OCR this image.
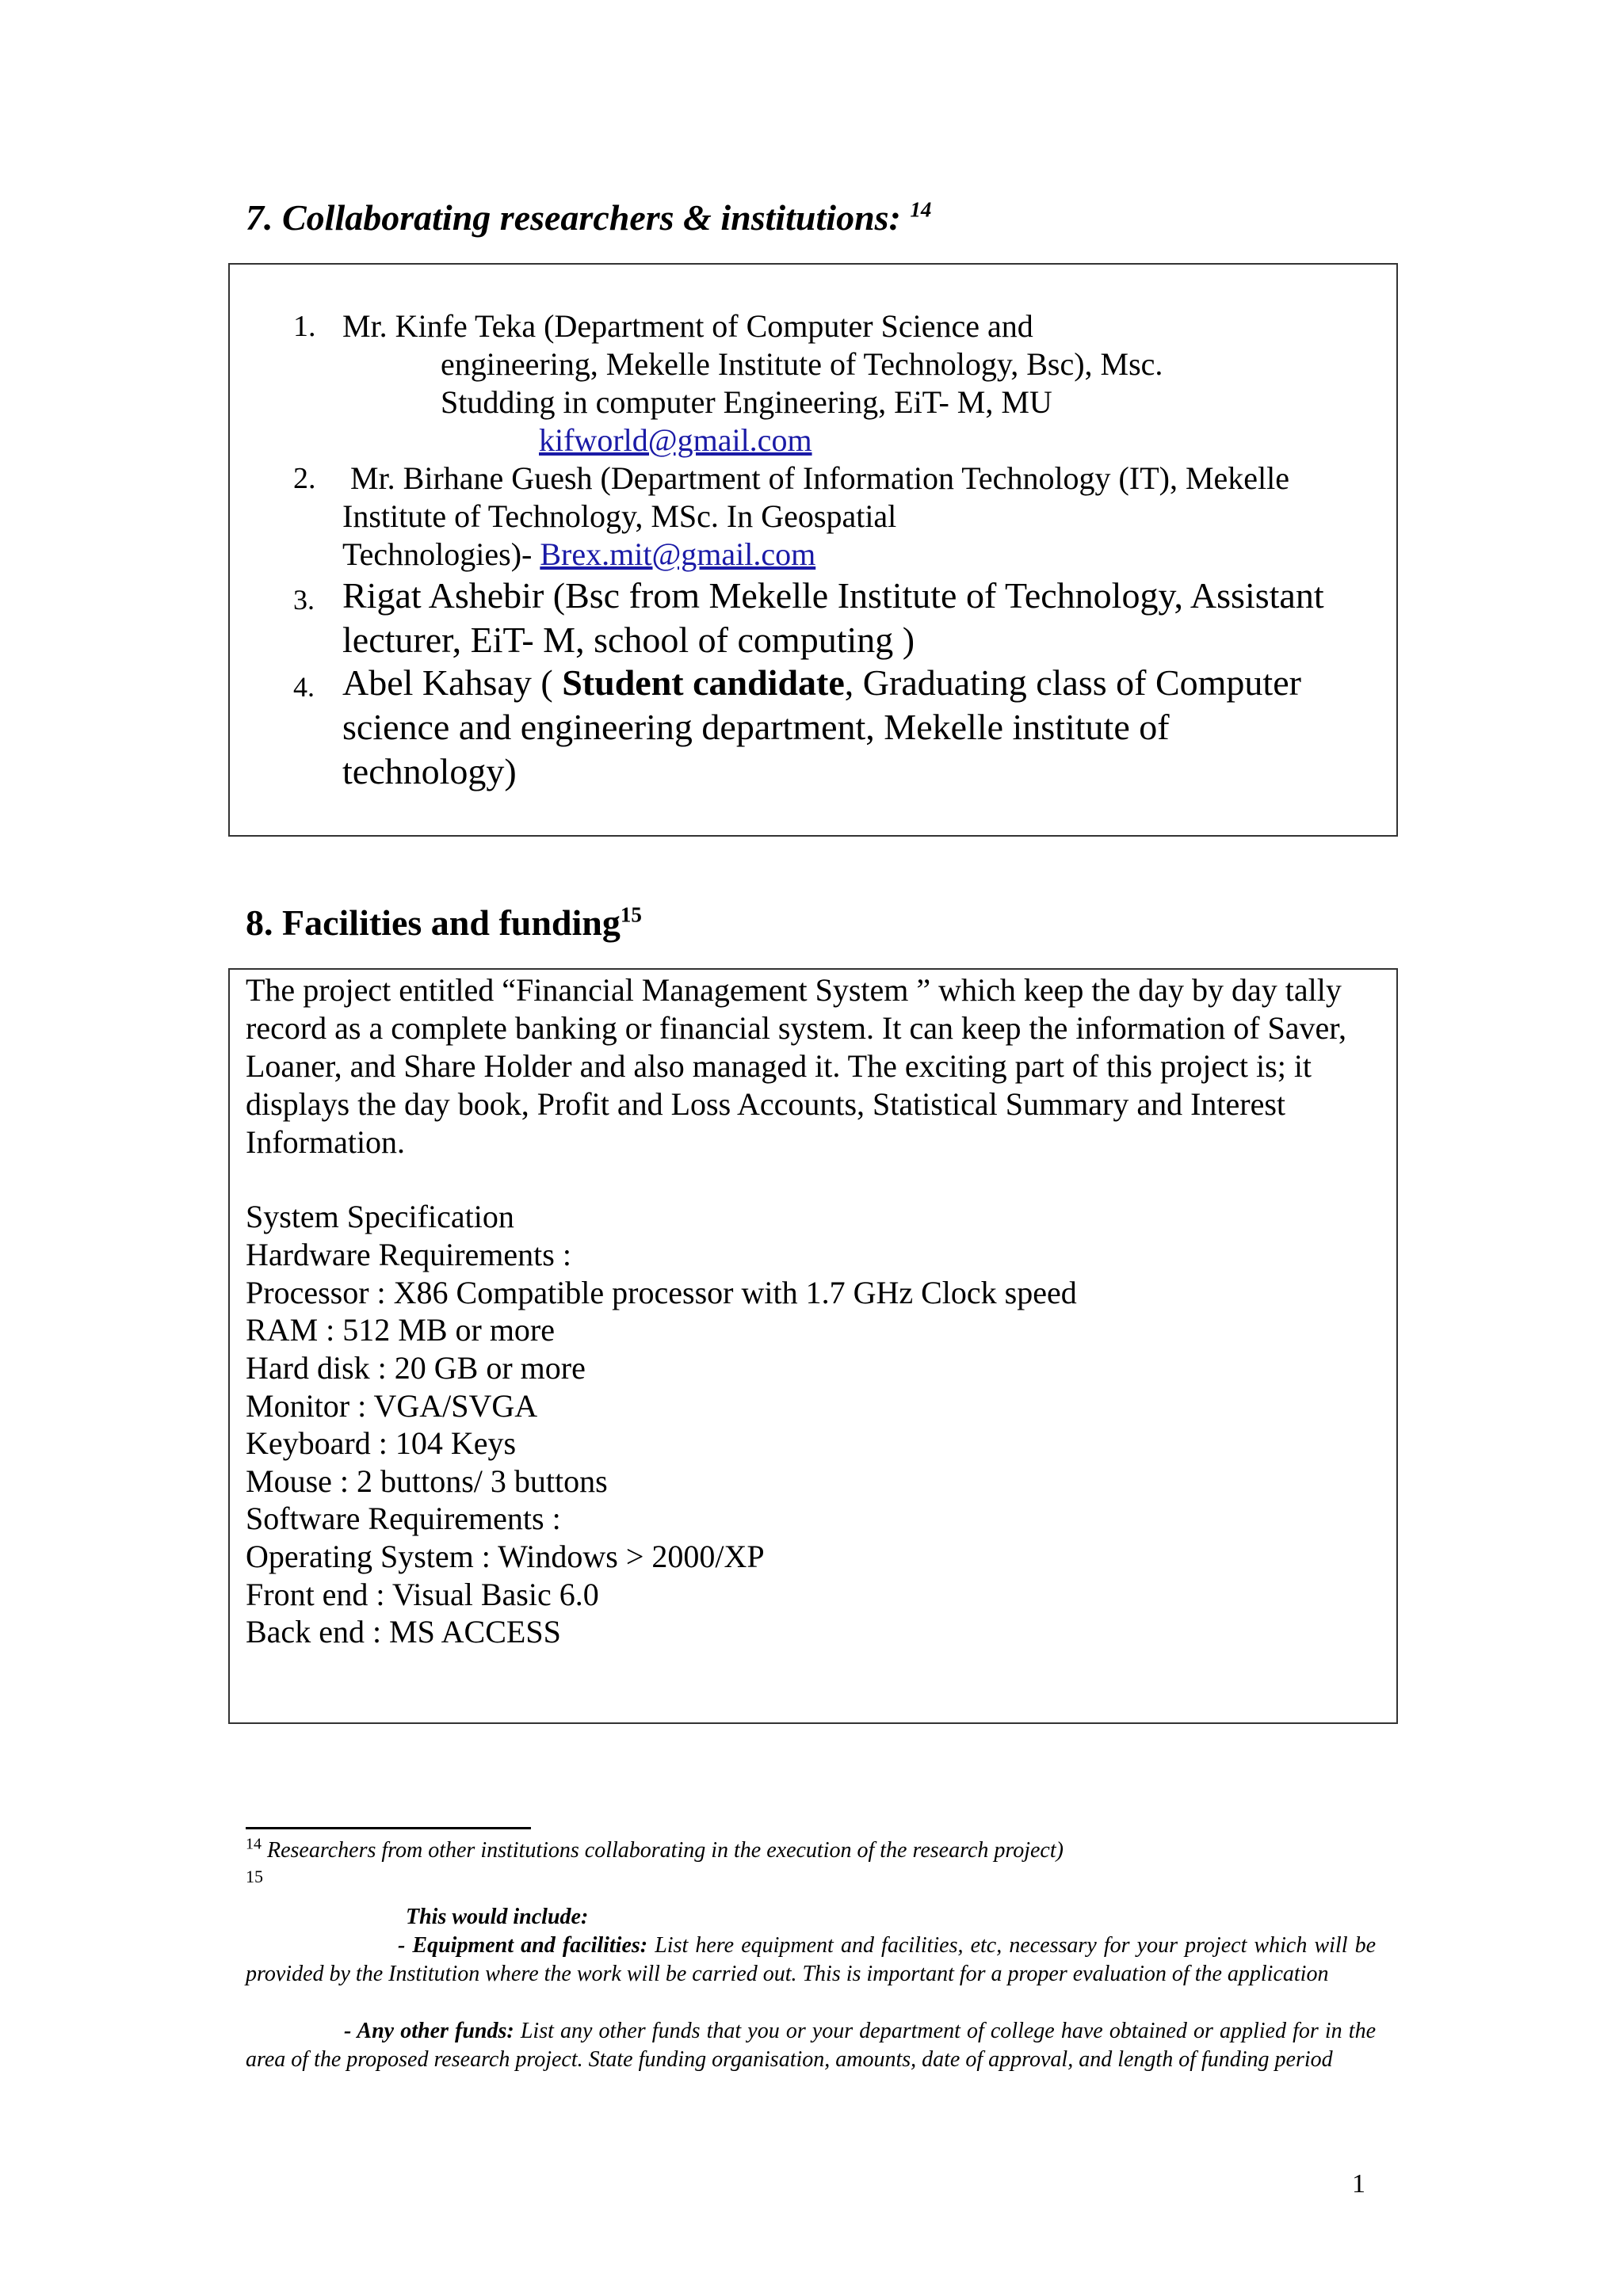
7. Collaborating researchers & institutions: $^{14}$
1. Mr. Kinfe Teka (Department of Computer Science and
engineering, Mekelle Institute of Technology, Bsc), Msc.
Studding in computer Engineering, EiT- M, MU
kifworld@gmail.com
2. Mr. Birhane Guesh (Department of Information Technology (IT), Mekelle
Institute of Technology, MSc. In Geospatial
Technologies)- Brex.mit@gmail.com
3. Rigat Ashebir (Bsc from Mekelle Institute of Technology, Assistant
lecturer, EiT- M, school of computing )
4. Abel Kahsay ( Student candidate, Graduating class of Computer
science and engineering department, Mekelle institute of
technology)
8. Facilities and funding$^{15}$
The project entitled “Financial Management System ” which keep the day by day tally
record as a complete banking or financial system. It can keep the information of Saver,
Loaner, and Share Holder and also managed it. The exciting part of this project is; it
displays the day book, Profit and Loss Accounts, Statistical Summary and Interest
Information.
System Specification
Hardware Requirements :
Processor : X86 Compatible processor with 1.7 GHz Clock speed
RAM : 512 MB or more
Hard disk : 20 GB or more
Monitor : VGA/SVGA
Keyboard : 104 Keys
Mouse : 2 buttons/ 3 buttons
Software Requirements :
Operating System : Windows > 2000/XP
Front end : Visual Basic 6.0
Back end : MS ACCESS
$^{14}$ Researchers from other institutions collaborating in the execution of the research project)
15
This would include:
- Equipment and facilities: List here equipment and facilities, etc, necessary for your project which will be provided by the Institution where the work will be carried out. This is important for a proper evaluation of the application
- Any other funds: List any other funds that you or your department of college have obtained or applied for in the area of the proposed research project. State funding organisation, amounts, date of approval, and length of funding period
1
